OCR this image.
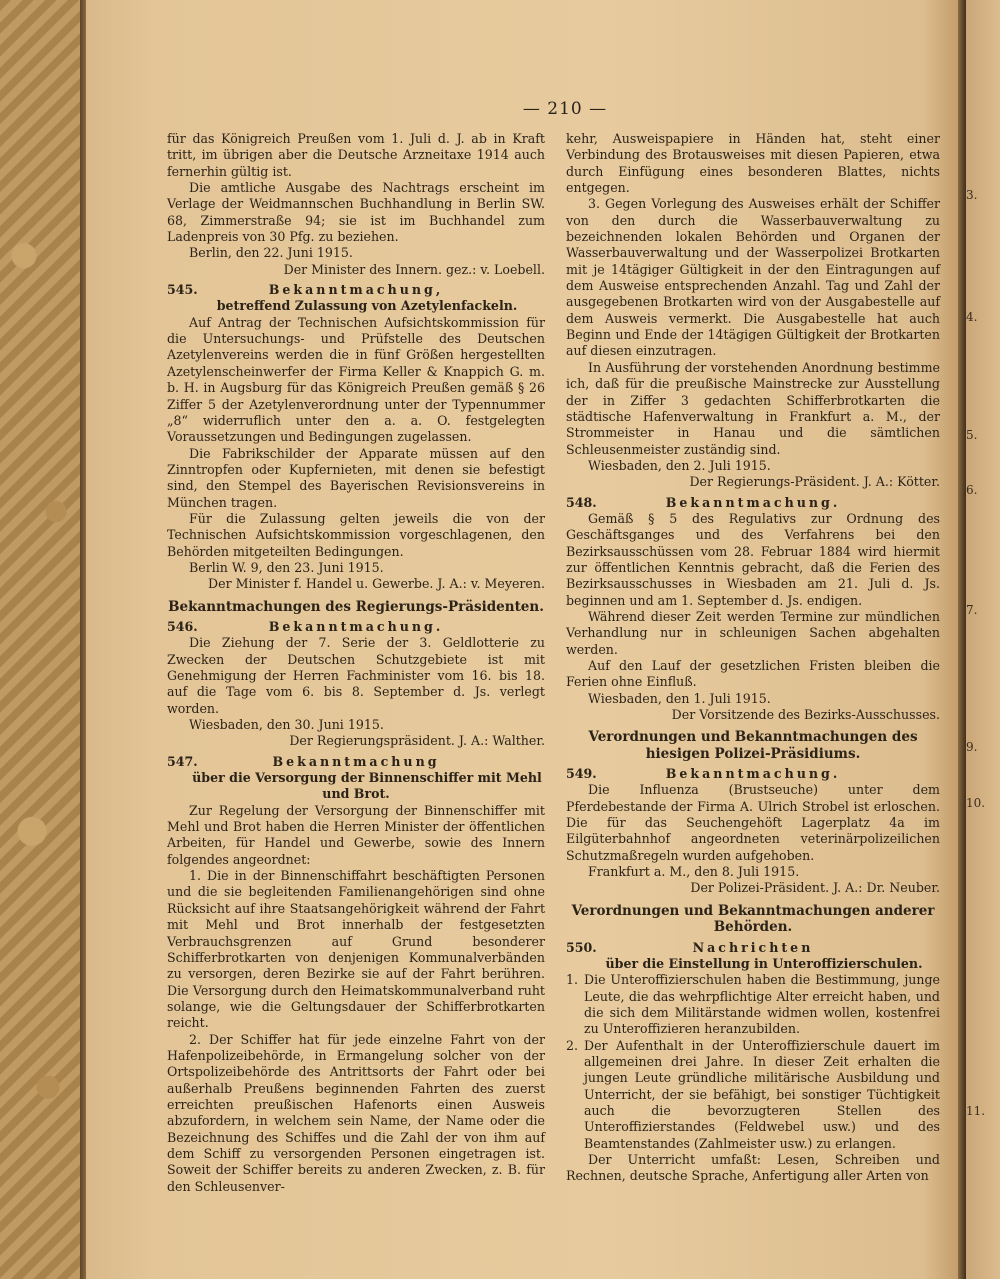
3.
4.
5.
6.
7.
9.
10.
11.
— 210 —

für das Königreich Preußen vom 1. Juli d. J. ab in Kraft tritt, im übrigen aber die Deutsche Arzneitaxe 1914 auch fernerhin gültig ist.

Die amtliche Ausgabe des Nachtrags erscheint im Verlage der Weidmannschen Buchhandlung in Berlin SW. 68, Zimmerstraße 94; sie ist im Buchhandel zum Ladenpreis von 30 Pfg. zu beziehen.

Berlin, den 22. Juni 1915.

Der Minister des Innern. gez.: v. Loebell.

545.	Bekanntmachung,

betreffend Zulassung von Azetylenfackeln.

Auf Antrag der Technischen Aufsichtskommission für die Untersuchungs- und Prüfstelle des Deutschen Azetylenvereins werden die in fünf Größen hergestellten Azetylenscheinwerfer der Firma Keller & Knappich G. m. b. H. in Augsburg für das Königreich Preußen gemäß § 26 Ziffer 5 der Azetylenverordnung unter der Typennummer „8“ widerruflich unter den a. a. O. festgelegten Voraussetzungen und Bedingungen zugelassen.

Die Fabrikschilder der Apparate müssen auf den Zinntropfen oder Kupfernieten, mit denen sie befestigt sind, den Stempel des Bayerischen Revisionsvereins in München tragen.

Für die Zulassung gelten jeweils die von der Technischen Aufsichtskommission vorgeschlagenen, den Behörden mitgeteilten Bedingungen.

Berlin W. 9, den 23. Juni 1915.

Der Minister f. Handel u. Gewerbe. J. A.: v. Meyeren.

Bekanntmachungen des Regierungs-Präsidenten.
546.	Bekanntmachung.

Die Ziehung der 7. Serie der 3. Geldlotterie zu Zwecken der Deutschen Schutzgebiete ist mit Genehmigung der Herren Fachminister vom 16. bis 18. auf die Tage vom 6. bis 8. September d. Js. verlegt worden.

Wiesbaden, den 30. Juni 1915.

Der Regierungspräsident. J. A.: Walther.

547.	Bekanntmachung

über die Versorgung der Binnenschiffer mit Mehl und Brot.

Zur Regelung der Versorgung der Binnenschiffer mit Mehl und Brot haben die Herren Minister der öffentlichen Arbeiten, für Handel und Gewerbe, sowie des Innern folgendes angeordnet:

1. Die in der Binnenschiffahrt beschäftigten Personen und die sie begleitenden Familienangehörigen sind ohne Rücksicht auf ihre Staatsangehörigkeit während der Fahrt mit Mehl und Brot innerhalb der festgesetzten Verbrauchsgrenzen auf Grund besonderer Schifferbrotkarten von denjenigen Kommunalverbänden zu versorgen, deren Bezirke sie auf der Fahrt berühren. Die Versorgung durch den Heimatskommunalverband ruht solange, wie die Geltungsdauer der Schifferbrotkarten reicht.

2. Der Schiffer hat für jede einzelne Fahrt von der Hafenpolizeibehörde, in Ermangelung solcher von der Ortspolizeibehörde des Antrittsorts der Fahrt oder bei außerhalb Preußens beginnenden Fahrten des zuerst erreichten preußischen Hafenorts einen Ausweis abzufordern, in welchem sein Name, der Name oder die Bezeichnung des Schiffes und die Zahl der von ihm auf dem Schiff zu versorgenden Personen eingetragen ist. Soweit der Schiffer bereits zu anderen Zwecken, z. B. für den Schleusenver-

kehr, Ausweispapiere in Händen hat, steht einer Verbindung des Brotausweises mit diesen Papieren, etwa durch Einfügung eines besonderen Blattes, nichts entgegen.

3. Gegen Vorlegung des Ausweises erhält der Schiffer von den durch die Wasserbauverwaltung zu bezeichnenden lokalen Behörden und Organen der Wasserbauverwaltung und der Wasserpolizei Brotkarten mit je 14tägiger Gültigkeit in der den Eintragungen auf dem Ausweise entsprechenden Anzahl. Tag und Zahl der ausgegebenen Brotkarten wird von der Ausgabestelle auf dem Ausweis vermerkt. Die Ausgabestelle hat auch Beginn und Ende der 14tägigen Gültigkeit der Brotkarten auf diesen einzutragen.

In Ausführung der vorstehenden Anordnung bestimme ich, daß für die preußische Mainstrecke zur Ausstellung der in Ziffer 3 gedachten Schifferbrotkarten die städtische Hafenverwaltung in Frankfurt a. M., der Strommeister in Hanau und die sämtlichen Schleusenmeister zuständig sind.

Wiesbaden, den 2. Juli 1915.

Der Regierungs-Präsident. J. A.: Kötter.

548.	Bekanntmachung.

Gemäß § 5 des Regulativs zur Ordnung des Geschäftsganges und des Verfahrens bei den Bezirksausschüssen vom 28. Februar 1884 wird hiermit zur öffentlichen Kenntnis gebracht, daß die Ferien des Bezirksausschusses in Wiesbaden am 21. Juli d. Js. beginnen und am 1. September d. Js. endigen.

Während dieser Zeit werden Termine zur mündlichen Verhandlung nur in schleunigen Sachen abgehalten werden.

Auf den Lauf der gesetzlichen Fristen bleiben die Ferien ohne Einfluß.

Wiesbaden, den 1. Juli 1915.

Der Vorsitzende des Bezirks-Ausschusses.

Verordnungen und Bekanntmachungen des hiesigen Polizei-Präsidiums.
549.	Bekanntmachung.

Die Influenza (Brustseuche) unter dem Pferdebestande der Firma A. Ulrich Strobel ist erloschen. Die für das Seuchengehöft Lagerplatz 4a im Eilgüterbahnhof angeordneten veterinärpolizeilichen Schutzmaßregeln wurden aufgehoben.

Frankfurt a. M., den 8. Juli 1915.

Der Polizei-Präsident. J. A.: Dr. Neuber.

Verordnungen und Bekanntmachungen anderer Behörden.
550.	Nachrichten

über die Einstellung in Unteroffizierschulen.

1. Die Unteroffizierschulen haben die Bestimmung, junge Leute, die das wehrpflichtige Alter erreicht haben, und die sich dem Militärstande widmen wollen, kostenfrei zu Unteroffizieren heranzubilden.
2. Der Aufenthalt in der Unteroffizierschule dauert im allgemeinen drei Jahre. In dieser Zeit erhalten die jungen Leute gründliche militärische Ausbildung und Unterricht, der sie befähigt, bei sonstiger Tüchtigkeit auch die bevorzugteren Stellen des Unteroffizierstandes (Feldwebel usw.) und des Beamtenstandes (Zahlmeister usw.) zu erlangen.

Der Unterricht umfaßt: Lesen, Schreiben und Rechnen, deutsche Sprache, Anfertigung aller Arten von
